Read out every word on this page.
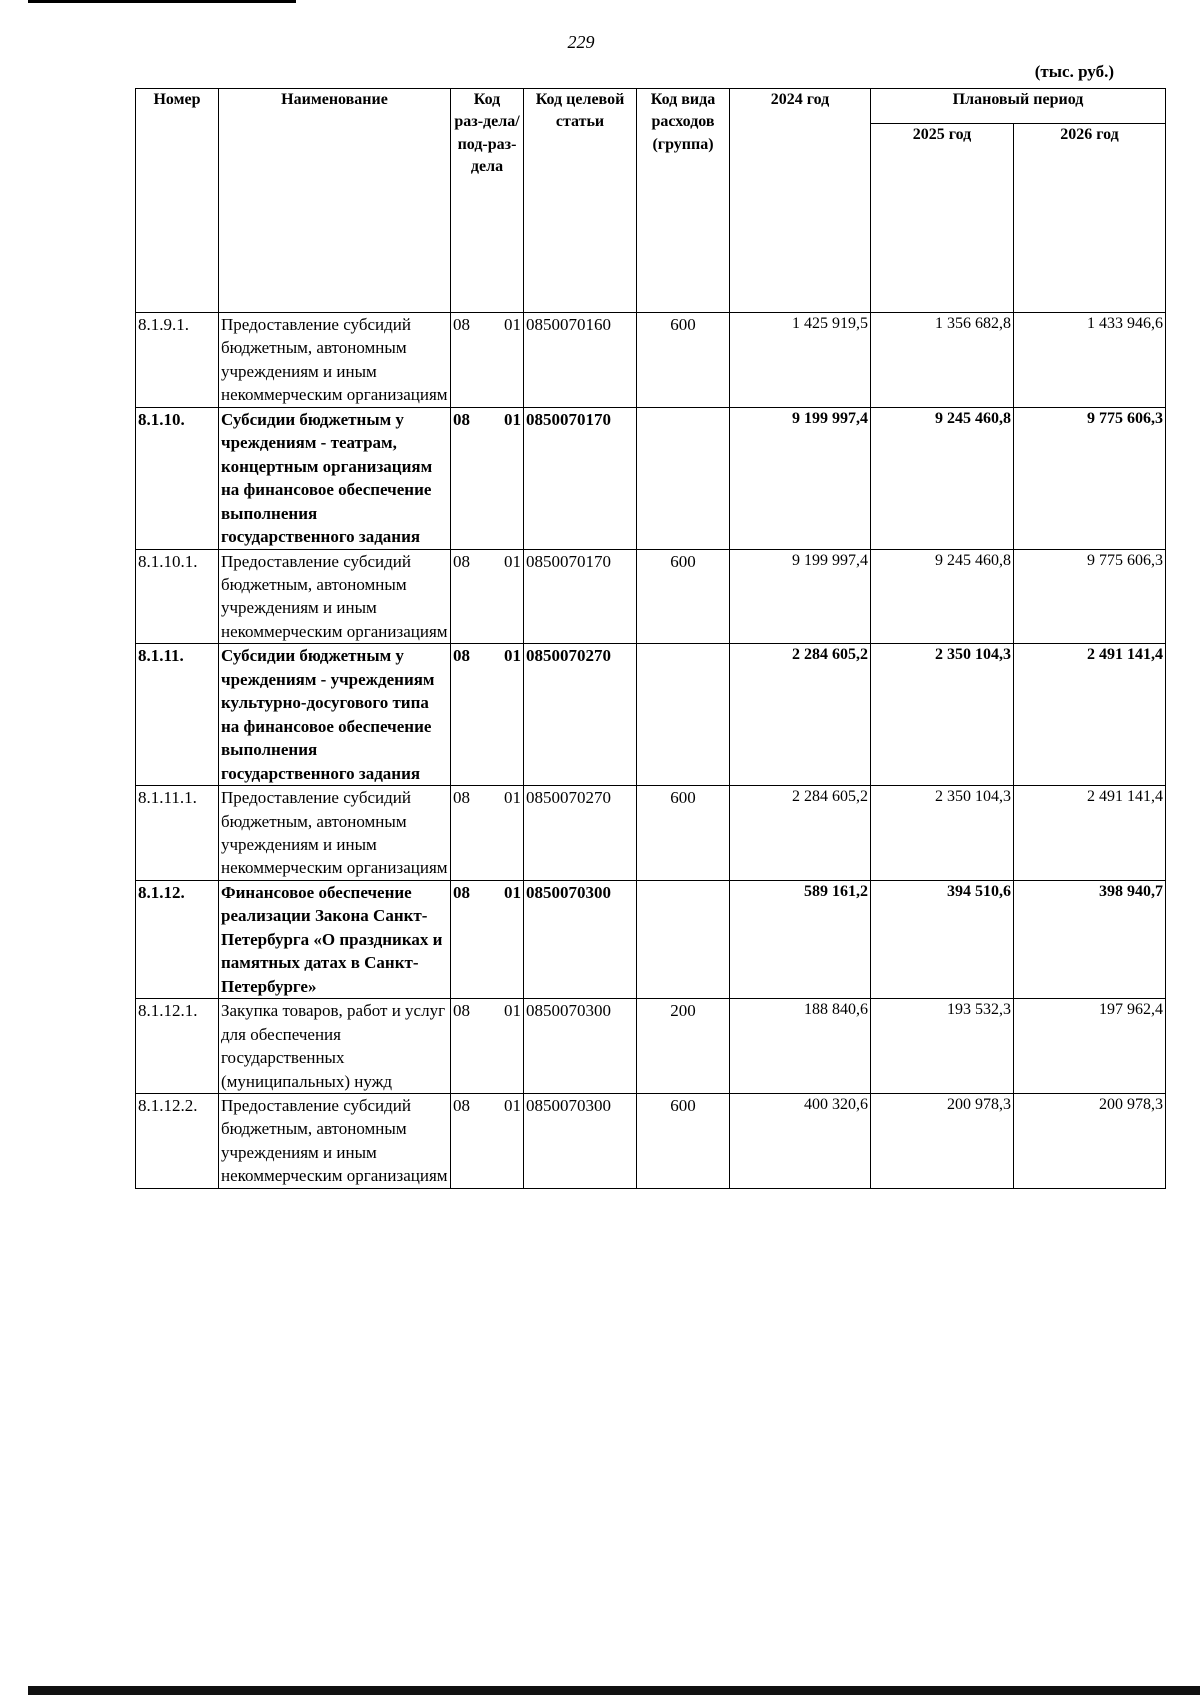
229
(тыс. руб.)
Номер	Наименование	Код раз-дела/ под-раз-дела	Код целевой статьи	Код вида расходов (группа)	2024 год	Плановый период	
						2025 год	2026 год
8.1.9.1.	Предоставление субсидий бюджетным, автономным учреждениям и иным некоммерческим организациям	08 01	0850070160	600	1 425 919,5	1 356 682,8	1 433 946,6
8.1.10.	Субсидии бюджетным у чреждениям - театрам, концертным организациям на финансовое обеспечение выполнения государственного задания	08 01	0850070170		9 199 997,4	9 245 460,8	9 775 606,3
8.1.10.1.	Предоставление субсидий бюджетным, автономным учреждениям и иным некоммерческим организациям	08 01	0850070170	600	9 199 997,4	9 245 460,8	9 775 606,3
8.1.11.	Субсидии бюджетным у чреждениям - учреждениям культурно-досугового типа на финансовое обеспечение выполнения государственного задания	08 01	0850070270		2 284 605,2	2 350 104,3	2 491 141,4
8.1.11.1.	Предоставление субсидий бюджетным, автономным учреждениям и иным некоммерческим организациям	08 01	0850070270	600	2 284 605,2	2 350 104,3	2 491 141,4
8.1.12.	Финансовое обеспечение реализации Закона Санкт-Петербурга «О праздниках и памятных датах в Санкт-Петербурге»	08 01	0850070300		589 161,2	394 510,6	398 940,7
8.1.12.1.	Закупка товаров, работ и услуг для обеспечения государственных (муниципальных) нужд	08 01	0850070300	200	188 840,6	193 532,3	197 962,4
8.1.12.2.	Предоставление субсидий бюджетным, автономным учреждениям и иным некоммерческим организациям	08 01	0850070300	600	400 320,6	200 978,3	200 978,3
